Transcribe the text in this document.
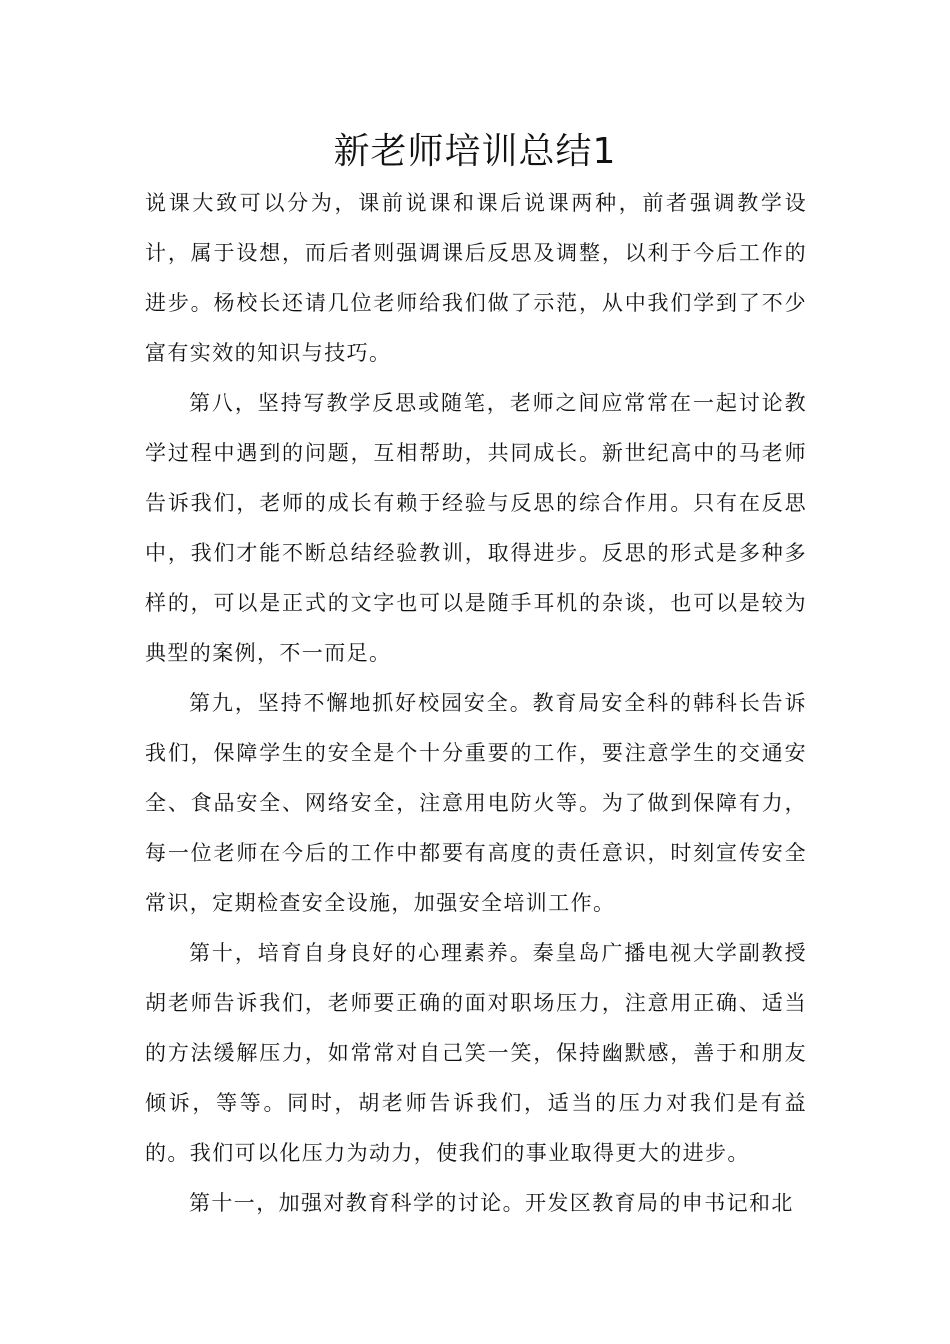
新老师培训总结1

说课大致可以分为，课前说课和课后说课两种，前者强调教学设计，属于设想，而后者则强调课后反思及调整，以利于今后工作的进步。杨校长还请几位老师给我们做了示范，从中我们学到了不少富有实效的知识与技巧。

第八，坚持写教学反思或随笔，老师之间应常常在一起讨论教学过程中遇到的问题，互相帮助，共同成长。新世纪高中的马老师告诉我们，老师的成长有赖于经验与反思的综合作用。只有在反思中，我们才能不断总结经验教训，取得进步。反思的形式是多种多样的，可以是正式的文字也可以是随手耳机的杂谈，也可以是较为典型的案例，不一而足。

第九，坚持不懈地抓好校园安全。教育局安全科的韩科长告诉我们，保障学生的安全是个十分重要的工作，要注意学生的交通安全、食品安全、网络安全，注意用电防火等。为了做到保障有力，每一位老师在今后的工作中都要有高度的责任意识，时刻宣传安全常识，定期检查安全设施，加强安全培训工作。

第十，培育自身良好的心理素养。秦皇岛广播电视大学副教授胡老师告诉我们，老师要正确的面对职场压力，注意用正确、适当的方法缓解压力，如常常对自己笑一笑，保持幽默感，善于和朋友倾诉，等等。同时，胡老师告诉我们，适当的压力对我们是有益的。我们可以化压力为动力，使我们的事业取得更大的进步。

第十一，加强对教育科学的讨论。开发区教育局的申书记和北
